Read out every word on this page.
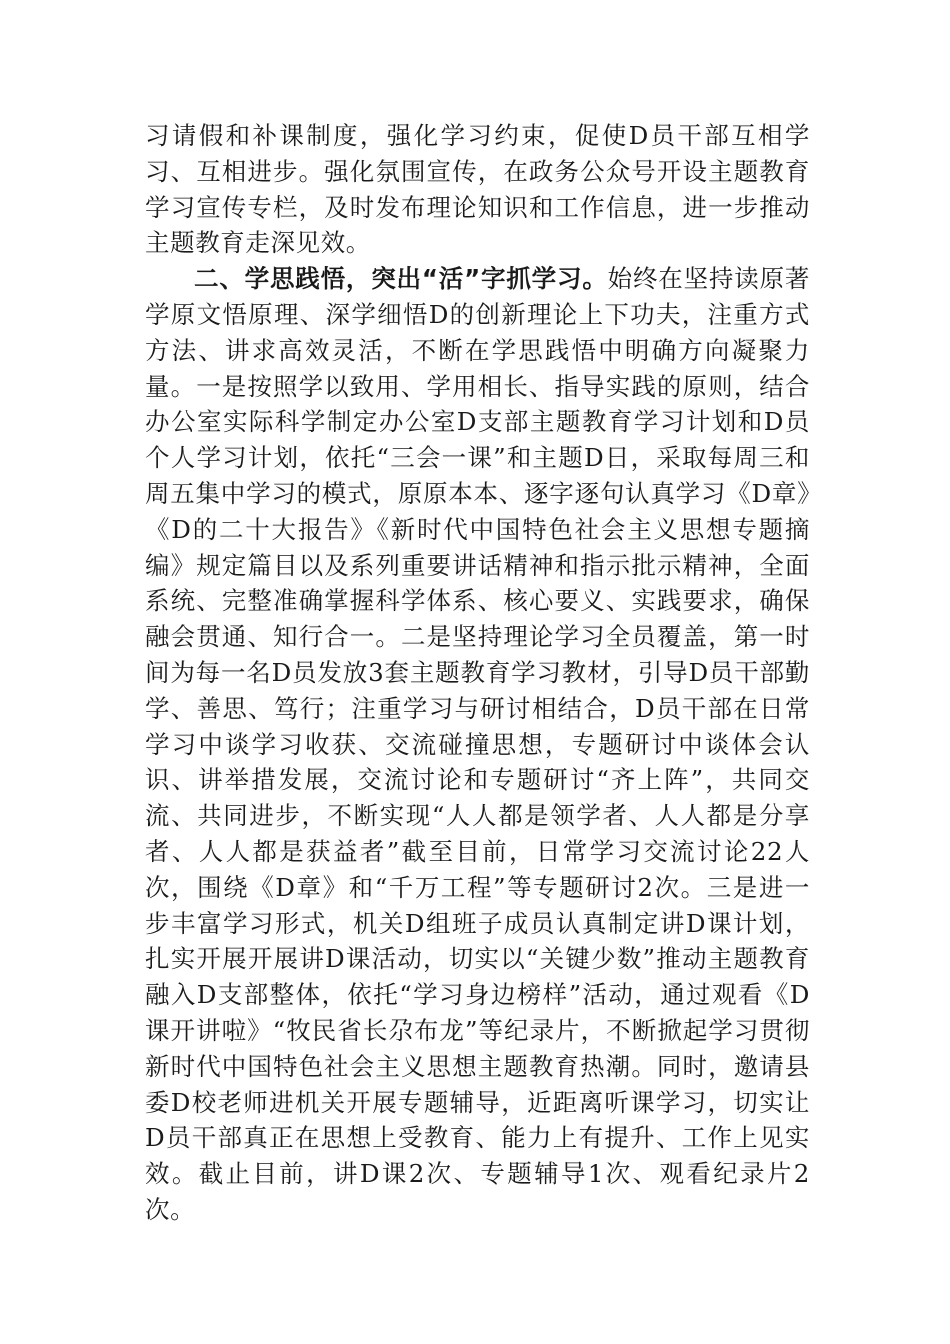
习请假和补课制度，强化学习约束，促使D员干部互相学习、互相进步。强化氛围宣传，在政务公众号开设主题教育学习宣传专栏，及时发布理论知识和工作信息，进一步推动主题教育走深见效。

二、学思践悟，突出“活”字抓学习。始终在坚持读原著学原文悟原理、深学细悟D的创新理论上下功夫，注重方式方法、讲求高效灵活，不断在学思践悟中明确方向凝聚力量。一是按照学以致用、学用相长、指导实践的原则，结合办公室实际科学制定办公室D支部主题教育学习计划和D员个人学习计划，依托“三会一课”和主题D日，采取每周三和周五集中学习的模式，原原本本、逐字逐句认真学习《D章》《D的二十大报告》《新时代中国特色社会主义思想专题摘编》规定篇目以及系列重要讲话精神和指示批示精神，全面系统、完整准确掌握科学体系、核心要义、实践要求，确保融会贯通、知行合一。二是坚持理论学习全员覆盖，第一时间为每一名D员发放3套主题教育学习教材，引导D员干部勤学、善思、笃行；注重学习与研讨相结合，D员干部在日常学习中谈学习收获、交流碰撞思想，专题研讨中谈体会认识、讲举措发展，交流讨论和专题研讨“齐上阵”，共同交流、共同进步，不断实现“人人都是领学者、人人都是分享者、人人都是获益者”截至目前，日常学习交流讨论22人次，围绕《D章》和“千万工程”等专题研讨2次。三是进一步丰富学习形式，机关D组班子成员认真制定讲D课计划，扎实开展开展讲D课活动，切实以“关键少数”推动主题教育融入D支部整体，依托“学习身边榜样”活动，通过观看《D课开讲啦》“牧民省长尕布龙”等纪录片，不断掀起学习贯彻新时代中国特色社会主义思想主题教育热潮。同时，邀请县委D校老师进机关开展专题辅导，近距离听课学习，切实让D员干部真正在思想上受教育、能力上有提升、工作上见实效。截止目前，讲D课2次、专题辅导1次、观看纪录片2次。
